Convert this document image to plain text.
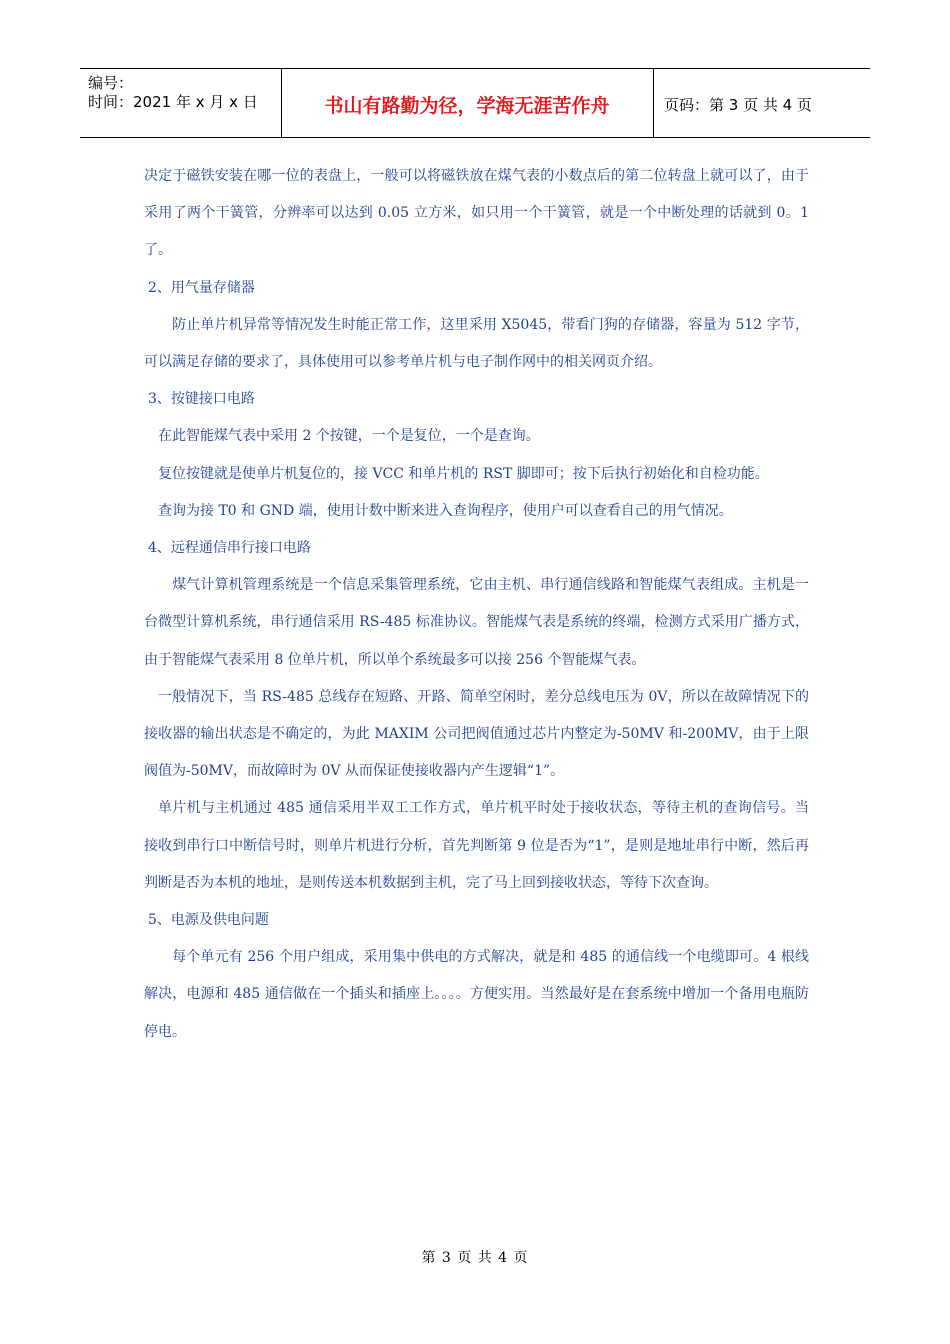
编号：
时间：2021 年 x 月 x 日	书山有路勤为径，学海无涯苦作舟	页码：第 3 页 共 4 页

决定于磁铁安装在哪一位的表盘上，一般可以将磁铁放在煤气表的小数点后的第二位转盘上就可以了，由于采用了两个干簧管，分辨率可以达到 0.05 立方米，如只用一个干簧管，就是一个中断处理的话就到 0。1 了。

2、用气量存储器

　防止单片机异常等情况发生时能正常工作，这里采用 X5045，带看门狗的存储器，容量为 512 字节，可以满足存储的要求了，具体使用可以参考单片机与电子制作网中的相关网页介绍。

3、按键接口电路

在此智能煤气表中采用 2 个按键，一个是复位，一个是查询。

复位按键就是使单片机复位的，接 VCC 和单片机的 RST 脚即可；按下后执行初始化和自检功能。

查询为接 T0 和 GND 端，使用计数中断来进入查询程序，使用户可以查看自己的用气情况。

4、远程通信串行接口电路

　煤气计算机管理系统是一个信息采集管理系统，它由主机、串行通信线路和智能煤气表组成。主机是一台微型计算机系统，串行通信采用 RS-485 标准协议。智能煤气表是系统的终端，检测方式采用广播方式，由于智能煤气表采用 8 位单片机，所以单个系统最多可以接 256 个智能煤气表。

一般情况下，当 RS-485 总线存在短路、开路、简单空闲时，差分总线电压为 0V，所以在故障情况下的接收器的输出状态是不确定的，为此 MAXIM 公司把阀值通过芯片内整定为-50MV 和-200MV，由于上限阀值为-50MV，而故障时为 0V 从而保证使接收器内产生逻辑“1”。

单片机与主机通过 485 通信采用半双工工作方式，单片机平时处于接收状态，等待主机的查询信号。当接收到串行口中断信号时，则单片机进行分析，首先判断第 9 位是否为“1”，是则是地址串行中断，然后再判断是否为本机的地址，是则传送本机数据到主机，完了马上回到接收状态，等待下次查询。

5、电源及供电问题

　每个单元有 256 个用户组成，采用集中供电的方式解决，就是和 485 的通信线一个电缆即可。4 根线解决，电源和 485 通信做在一个插头和插座上。。。。方便实用。当然最好是在套系统中增加一个备用电瓶防停电。

第 3 页 共 4 页
